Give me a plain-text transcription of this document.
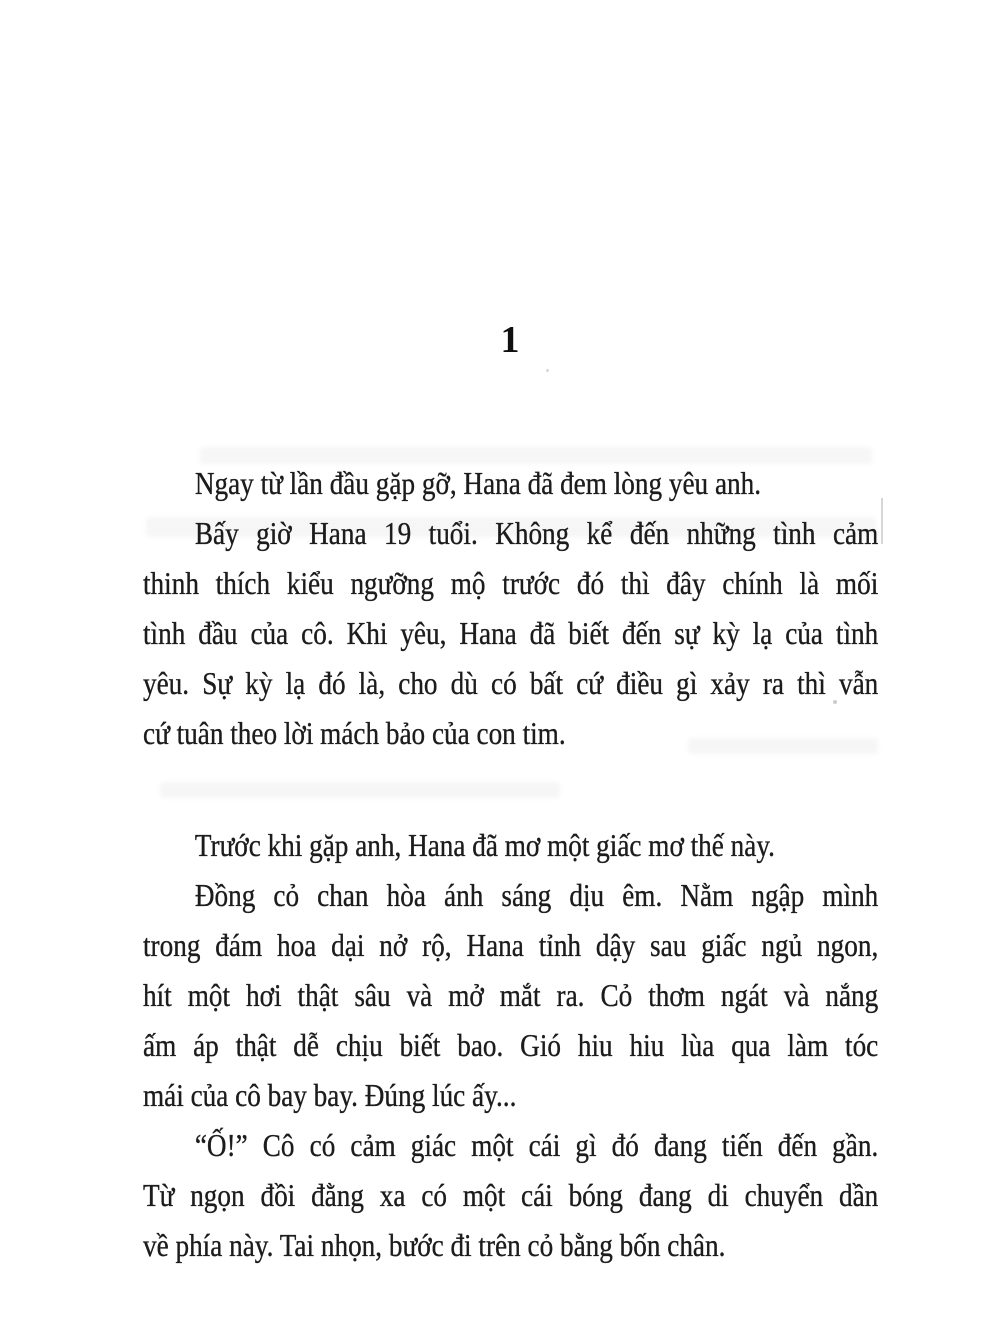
1
Ngay từ lần đầu gặp gỡ, Hana đã đem lòng yêu anh.
Bấy giờ Hana 19 tuổi. Không kể đến những tình cảm
thinh thích kiểu ngưỡng mộ trước đó thì đây chính là mối
tình đầu của cô. Khi yêu, Hana đã biết đến sự kỳ lạ của tình
yêu. Sự kỳ lạ đó là, cho dù có bất cứ điều gì xảy ra thì vẫn
cứ tuân theo lời mách bảo của con tim.
Trước khi gặp anh, Hana đã mơ một giấc mơ thế này.
Đồng cỏ chan hòa ánh sáng dịu êm. Nằm ngập mình
trong đám hoa dại nở rộ, Hana tỉnh dậy sau giấc ngủ ngon,
hít một hơi thật sâu và mở mắt ra. Cỏ thơm ngát và nắng
ấm áp thật dễ chịu biết bao. Gió hiu hiu lùa qua làm tóc
mái của cô bay bay. Đúng lúc ấy...
“Ố!” Cô có cảm giác một cái gì đó đang tiến đến gần.
Từ ngọn đồi đằng xa có một cái bóng đang di chuyển dần
về phía này. Tai nhọn, bước đi trên cỏ bằng bốn chân.
